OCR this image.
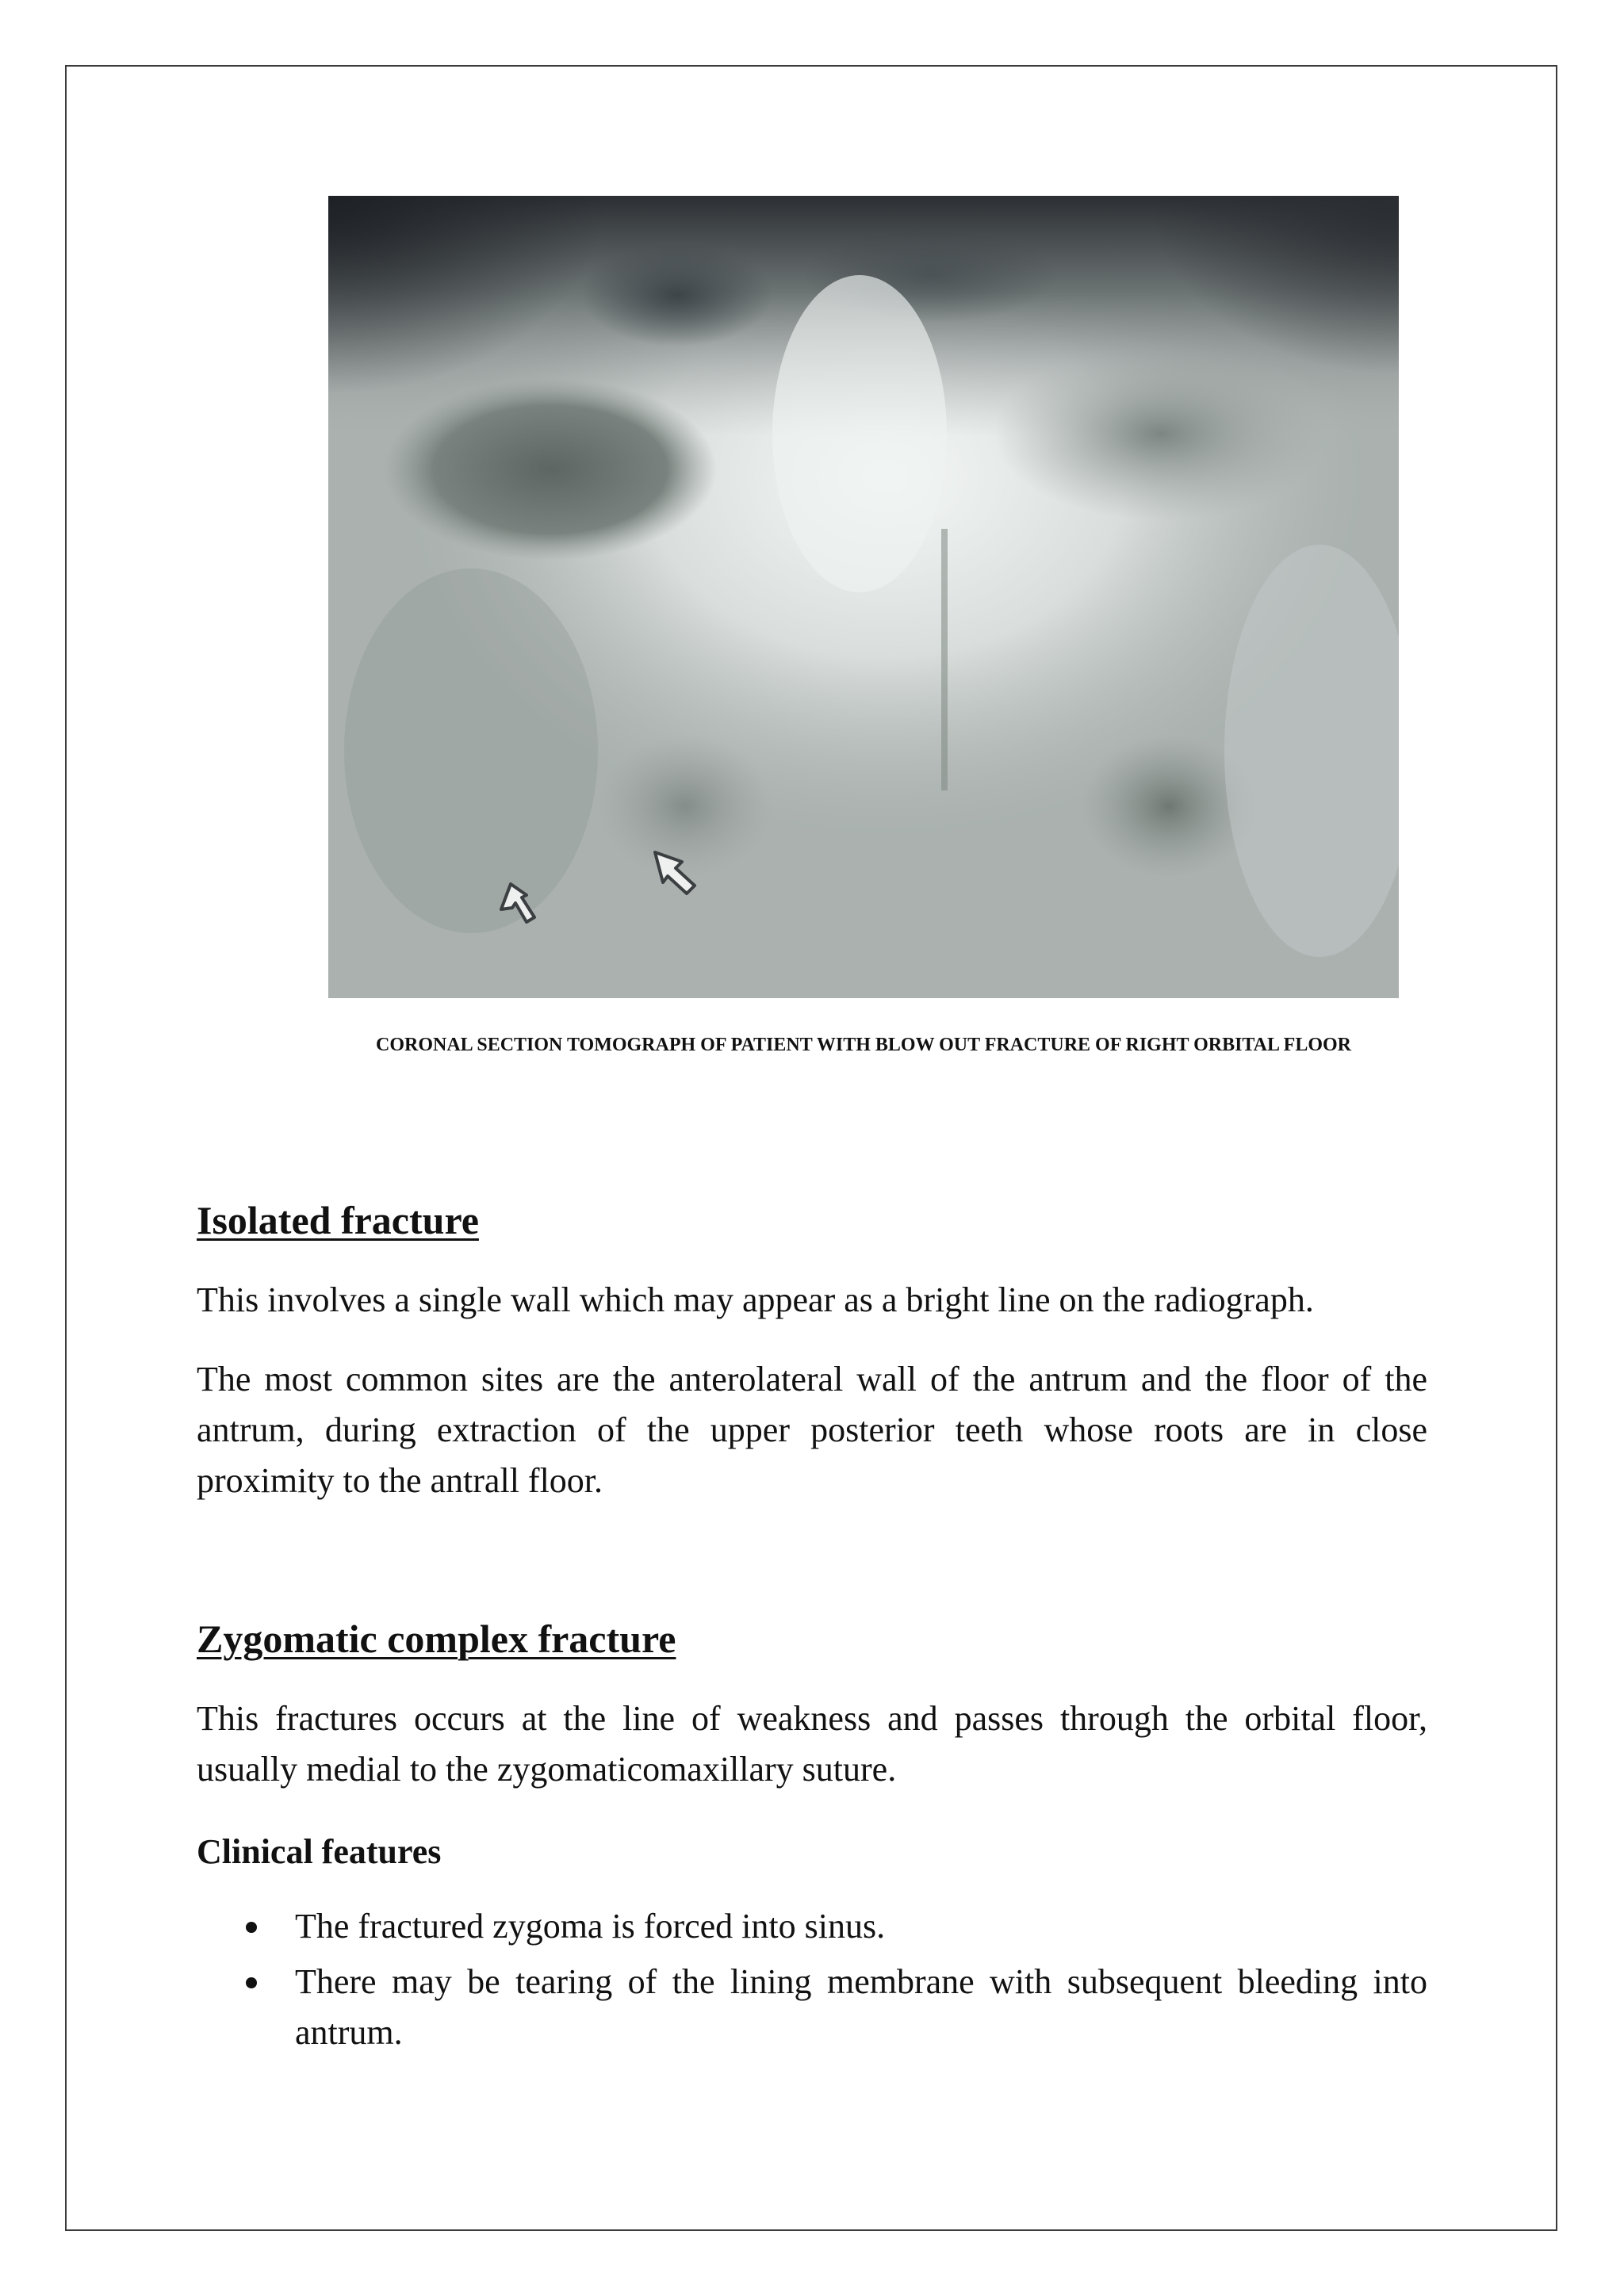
CORONAL SECTION TOMOGRAPH OF PATIENT WITH BLOW OUT FRACTURE OF RIGHT ORBITAL FLOOR
Isolated fracture

This involves a single wall which may appear as a bright line on the radiograph.

The most common sites are the anterolateral wall of the antrum and the floor of the antrum, during extraction of the upper posterior teeth whose roots are in close proximity to the antrall floor.

Zygomatic complex fracture

This fractures occurs at the line of weakness and passes through the orbital floor, usually medial to the zygomaticomaxillary suture.

Clinical features
The fractured zygoma is forced into sinus.
There may be tearing of the lining membrane with subsequent bleeding into antrum.
